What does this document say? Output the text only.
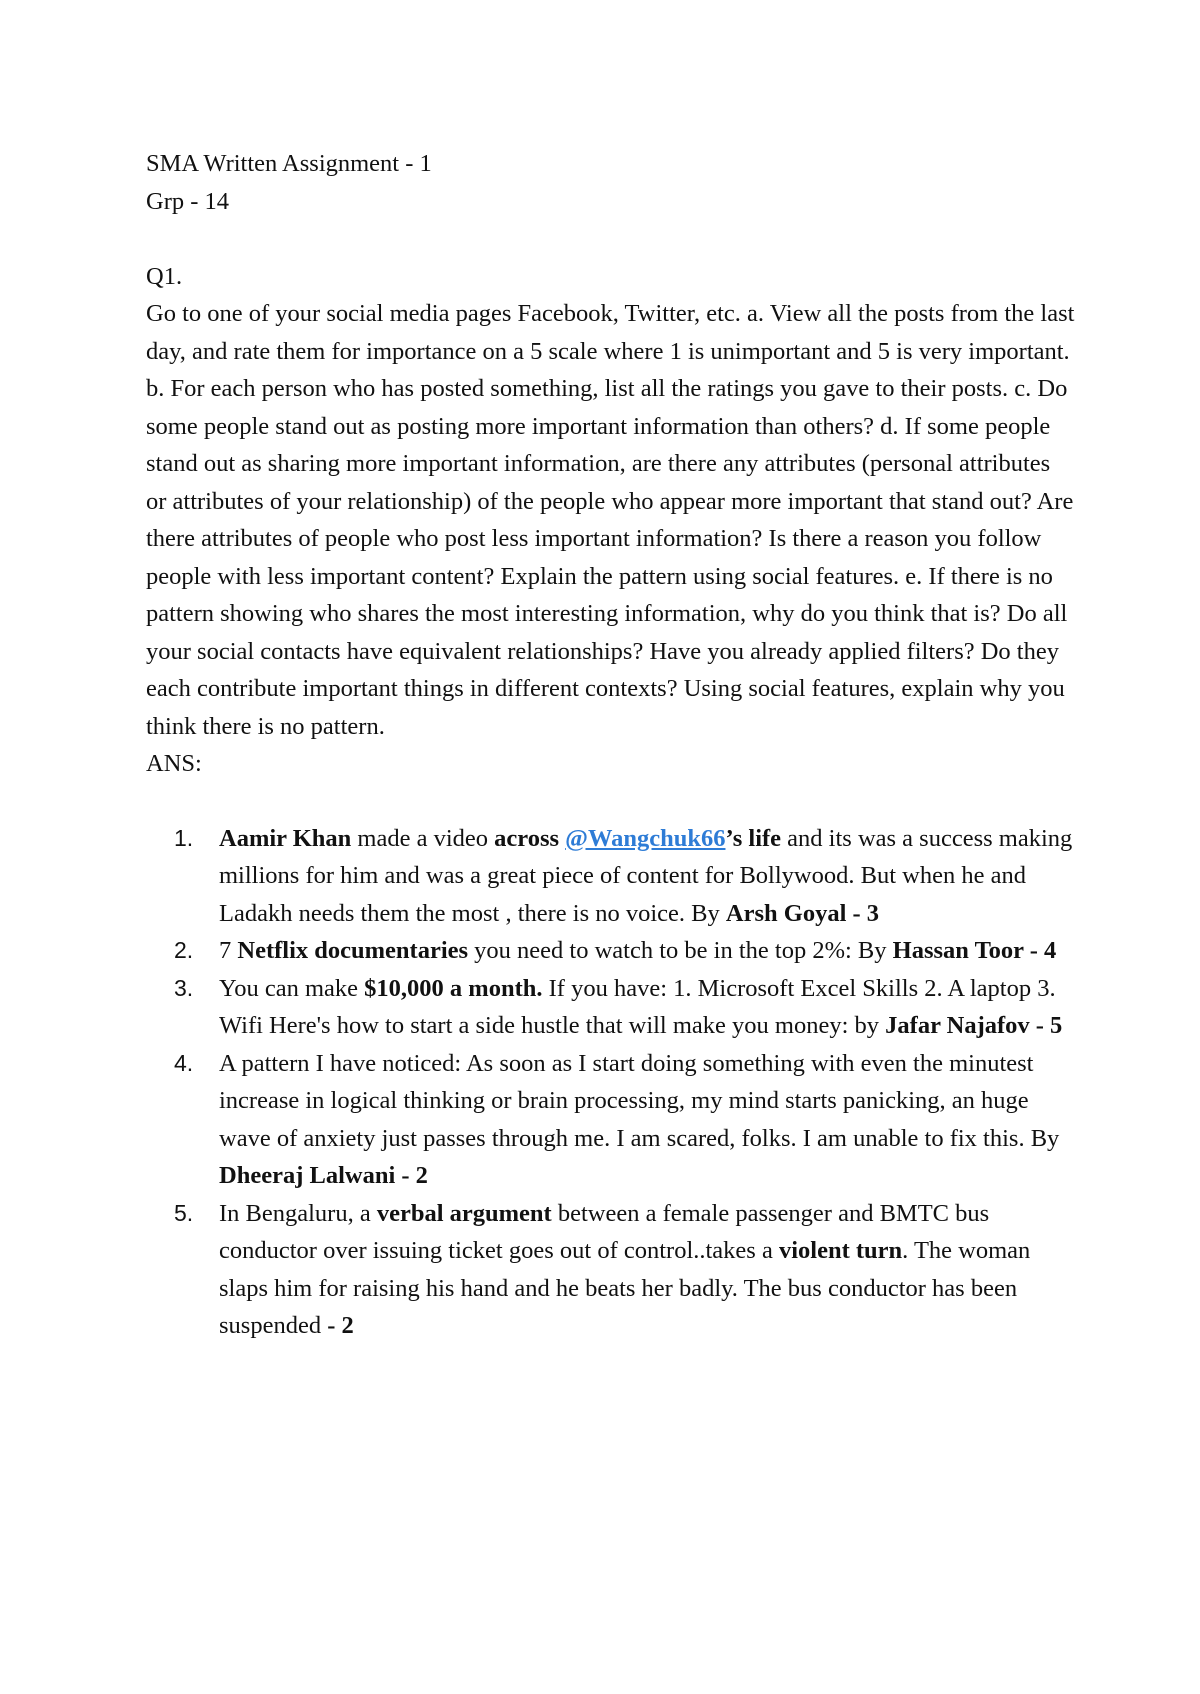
SMA Written Assignment - 1

Grp - 14

Q1.

Go to one of your social media pages Facebook, Twitter, etc. a. View all the posts from the last day, and rate them for importance on a 5 scale where 1 is unimportant and 5 is very important. b. For each person who has posted something, list all the ratings you gave to their posts. c. Do some people stand out as posting more important information than others? d. If some people stand out as sharing more important information, are there any attributes (personal attributes or attributes of your relationship) of the people who appear more important that stand out? Are there attributes of people who post less important information? Is there a reason you follow people with less important content? Explain the pattern using social features. e. If there is no pattern showing who shares the most interesting information, why do you think that is? Do all your social contacts have equivalent relationships? Have you already applied filters? Do they each contribute important things in different contexts? Using social features, explain why you think there is no pattern.

ANS:

1. Aamir Khan made a video across @Wangchuk66’s life and its was a success making millions for him and was a great piece of content for Bollywood. But when he and Ladakh needs them the most , there is no voice. By Arsh Goyal - 3

2. 7 Netflix documentaries you need to watch to be in the top 2%: By Hassan Toor - 4

3. You can make $10,000 a month. If you have: 1. Microsoft Excel Skills 2. A laptop 3. Wifi Here's how to start a side hustle that will make you money: by Jafar Najafov - 5

4. A pattern I have noticed: As soon as I start doing something with even the minutest increase in logical thinking or brain processing, my mind starts panicking, an huge wave of anxiety just passes through me. I am scared, folks. I am unable to fix this. By Dheeraj Lalwani - 2

5. In Bengaluru, a verbal argument between a female passenger and BMTC bus conductor over issuing ticket goes out of control..takes a violent turn. The woman slaps him for raising his hand and he beats her badly. The bus conductor has been suspended - 2
